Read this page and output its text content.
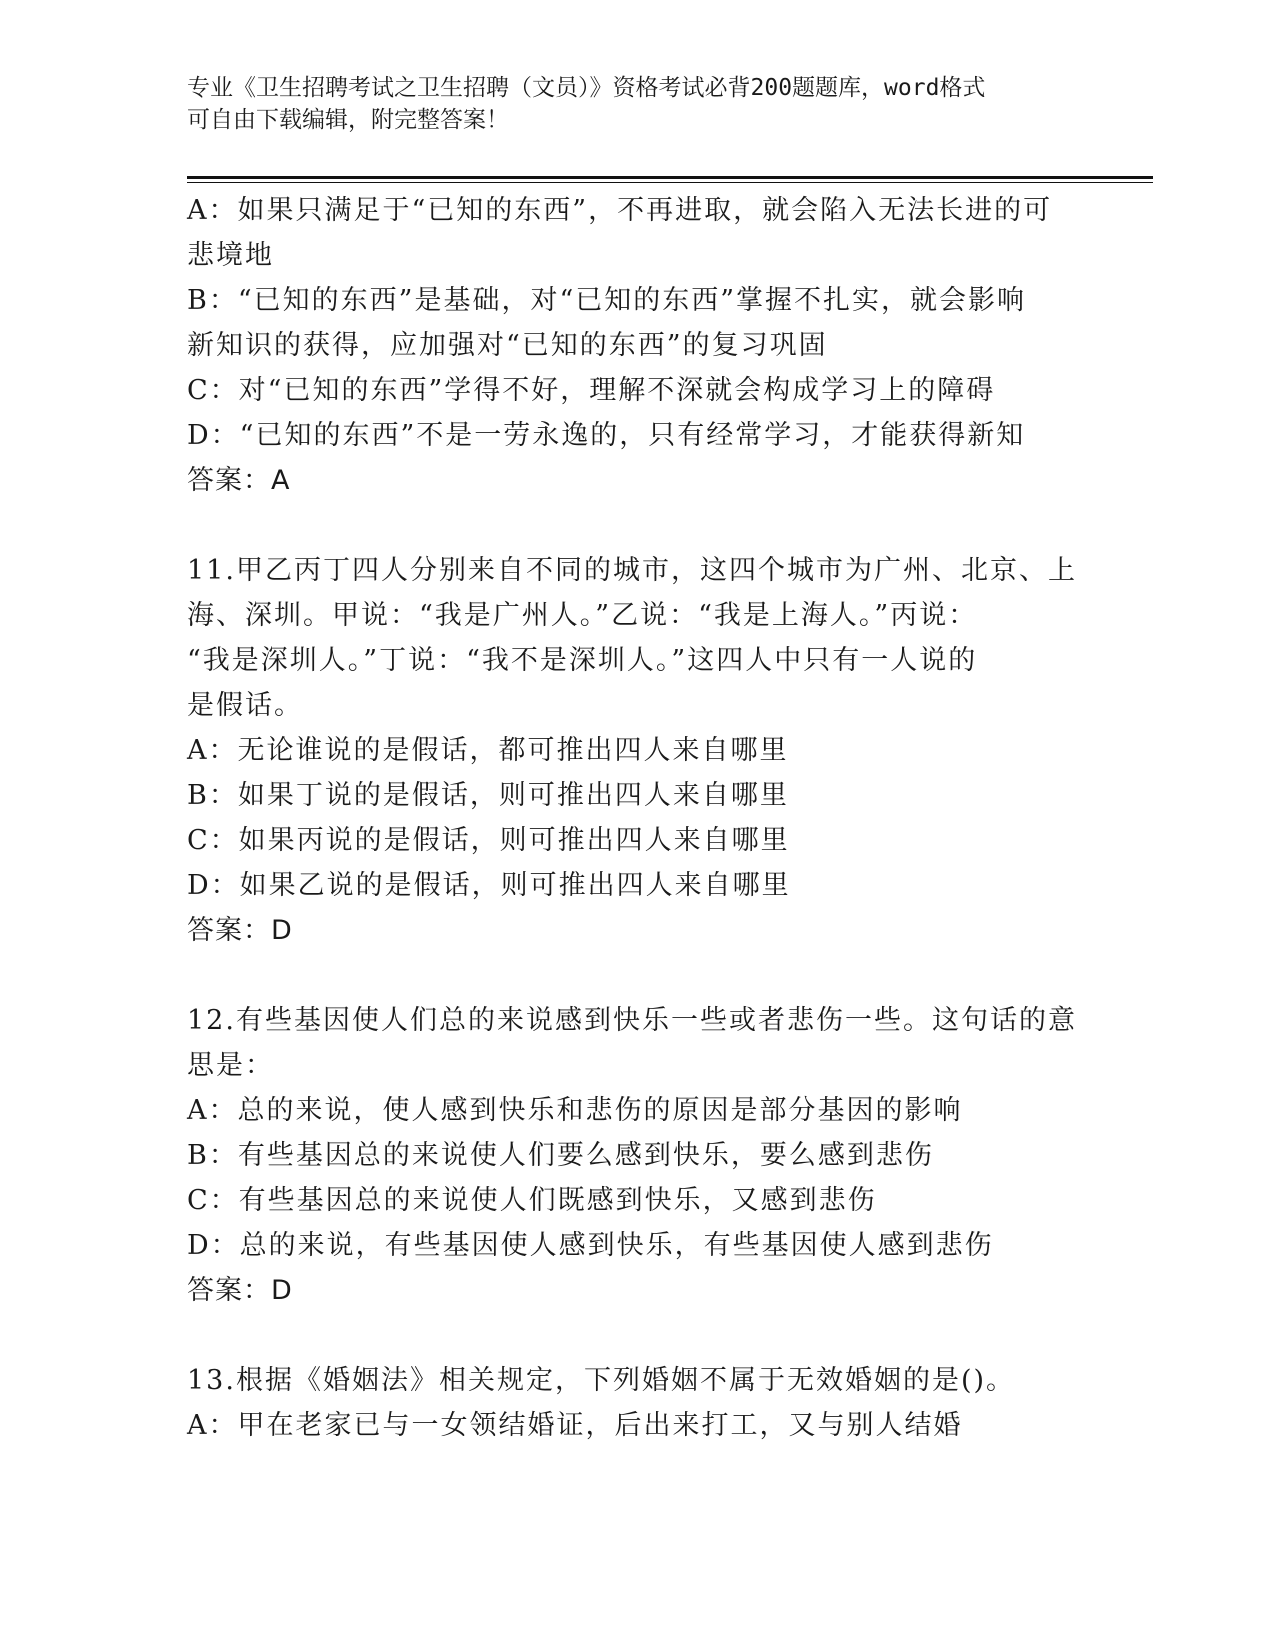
专业《卫生招聘考试之卫生招聘（文员）》资格考试必背200题题库，word格式
可自由下载编辑，附完整答案！
A：如果只满足于“已知的东西”，不再进取，就会陷入无法长进的可
悲境地
B：“已知的东西”是基础，对“已知的东西”掌握不扎实，就会影响
新知识的获得，应加强对“已知的东西”的复习巩固
C：对“已知的东西”学得不好，理解不深就会构成学习上的障碍
D：“已知的东西”不是一劳永逸的，只有经常学习，才能获得新知
答案：A
11.甲乙丙丁四人分别来自不同的城市，这四个城市为广州、北京、上
海、深圳。甲说：“我是广州人。”乙说：“我是上海人。”丙说：
“我是深圳人。”丁说：“我不是深圳人。”这四人中只有一人说的
是假话。
A：无论谁说的是假话，都可推出四人来自哪里
B：如果丁说的是假话，则可推出四人来自哪里
C：如果丙说的是假话，则可推出四人来自哪里
D：如果乙说的是假话，则可推出四人来自哪里
答案：D
12.有些基因使人们总的来说感到快乐一些或者悲伤一些。这句话的意
思是：
A：总的来说，使人感到快乐和悲伤的原因是部分基因的影响
B：有些基因总的来说使人们要么感到快乐，要么感到悲伤
C：有些基因总的来说使人们既感到快乐，又感到悲伤
D：总的来说，有些基因使人感到快乐，有些基因使人感到悲伤
答案：D
13.根据《婚姻法》相关规定，下列婚姻不属于无效婚姻的是()。
A：甲在老家已与一女领结婚证，后出来打工，又与别人结婚
